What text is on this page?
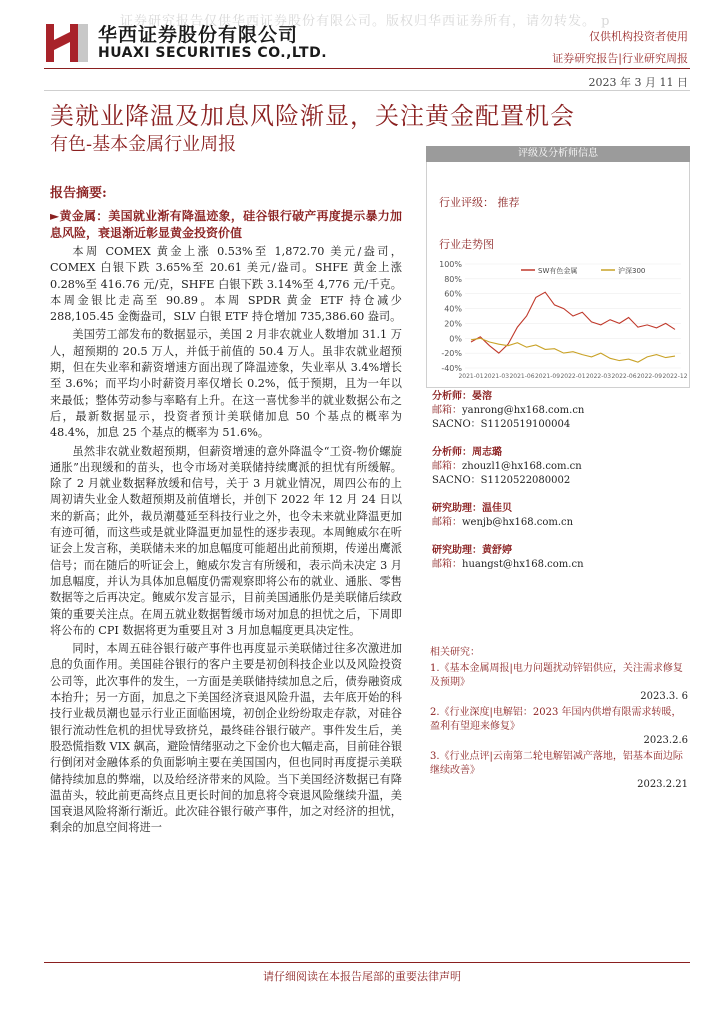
证券研究报告仅供华西证券股份有限公司。版权归华西证券所有，请勿转发。 p
华西证券股份有限公司
HUAXI SECURITIES CO.,LTD.
仅供机构投资者使用
证券研究报告|行业研究周报
2023 年 3 月 11 日
美就业降温及加息风险渐显，关注黄金配置机会
有色-基本金属行业周报
报告摘要:
►黄金属：美国就业渐有降温迹象，硅谷银行破产再度提示暴力加息风险，衰退渐近彰显黄金投资价值

本周 COMEX 黄金上涨 0.53%至 1,872.70 美元/盎司，COMEX 白银下跌 3.65%至 20.61 美元/盎司。SHFE 黄金上涨 0.28%至 416.76 元/克，SHFE 白银下跌 3.14%至 4,776 元/千克。本周金银比走高至 90.89。本周 SPDR 黄金 ETF 持仓减少 288,105.45 金衡盎司，SLV 白银 ETF 持仓增加 735,386.60 盎司。

美国劳工部发布的数据显示，美国 2 月非农就业人数增加 31.1 万人，超预期的 20.5 万人，并低于前值的 50.4 万人。虽非农就业超预期，但在失业率和薪资增速方面出现了降温迹象，失业率从 3.4%增长至 3.6%；而平均小时薪资月率仅增长 0.2%，低于预期，且为一年以来最低；整体劳动参与率略有上升。在这一喜忧参半的就业数据公布之后，最新数据显示，投资者预计美联储加息 50 个基点的概率为 48.4%，加息 25 个基点的概率为 51.6%。

虽然非农就业数超预期，但薪资增速的意外降温令“工资-物价螺旋通胀”出现缓和的苗头，也令市场对美联储持续鹰派的担忧有所缓解。除了 2 月就业数据释放缓和信号，关于 3 月就业情况，周四公布的上周初请失业金人数超预期及前值增长，并创下 2022 年 12 月 24 日以来的新高；此外，裁员潮蔓延至科技行业之外，也令未来就业降温更加有迹可循，而这些或是就业降温更加显性的逐步表现。本周鲍威尔在听证会上发言称，美联储未来的加息幅度可能超出此前预期，传递出鹰派信号；而在随后的听证会上，鲍威尔发言有所缓和，表示尚未决定 3 月加息幅度，并认为具体加息幅度仍需观察即将公布的就业、通胀、零售数据等之后再决定。鲍威尔发言显示，目前美国通胀仍是美联储后续政策的重要关注点。在周五就业数据暂缓市场对加息的担忧之后，下周即将公布的 CPI 数据将更为重要且对 3 月加息幅度更具决定性。

同时，本周五硅谷银行破产事件也再度显示美联储过往多次激进加息的负面作用。美国硅谷银行的客户主要是初创科技企业以及风险投资公司等，此次事件的发生，一方面是美联储持续加息之后，债券融资成本抬升；另一方面，加息之下美国经济衰退风险升温，去年底开始的科技行业裁员潮也显示行业正面临困境，初创企业纷纷取走存款，对硅谷银行流动性危机的担忧导致挤兑，最终硅谷银行破产。事件发生后，美股恐慌指数 VIX 飙高，避险情绪驱动之下金价也大幅走高，目前硅谷银行倒闭对金融体系的负面影响主要在美国国内，但也同时再度提示美联储持续加息的弊端，以及给经济带来的风险。当下美国经济数据已有降温苗头，较此前更高终点且更长时间的加息将令衰退风险继续升温，美国衰退风险将渐行渐近。此次硅谷银行破产事件，加之对经济的担忧，剩余的加息空间将进一

评级及分析师信息
行业评级： 推荐
行业走势图
100%
80%
60%
40%
20%
0%
-20%
-40%
2021-01 2021-03 2021-06 2021-09 2022-01 2022-03 2022-06 2022-09 2022-12
SW有色金属	沪深300
分析师：晏溶
邮箱：yanrong@hx168.com.cn
SACNO：S1120519100004
分析师：周志璐
邮箱：zhouzl1@hx168.com.cn
SACNO：S1120522080002
研究助理：温佳贝
邮箱：wenjb@hx168.com.cn
研究助理：黄舒婷
邮箱：huangst@hx168.com.cn
相关研究：
1.《基本金属周报|电力问题扰动锌铝供应，关注需求修复及预期》
2023.3. 6
2.《行业深度|电解铝：2023 年国内供增有限需求转暖，盈利有望迎来修复》
2023.2.6
3.《行业点评|云南第二轮电解铝减产落地，铝基本面边际继续改善》
2023.2.21
请仔细阅读在本报告尾部的重要法律声明
